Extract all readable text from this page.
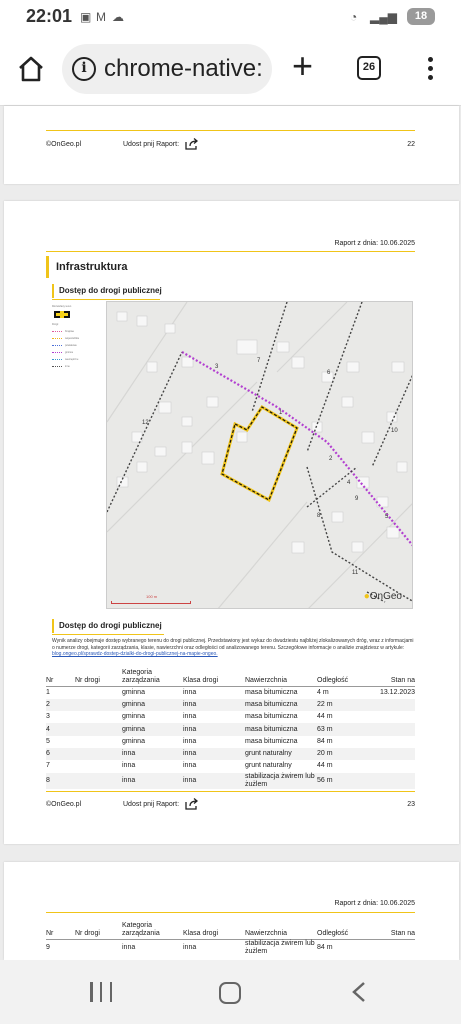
22:01 ▣ M ☁	◔ ▂▄▆	18
i chrome-native: +	26
©OnGeo.pl	Udost pnij Raport:	22
Raport z dnia: 10.06.2025
Infrastruktura
Dostęp do drogi publicznej
Rozważany teren
Drogi:
Krajowe
wojewódzkie
powiatowe
gminne
wewnętrzne
inne
1
2
3
4
5
6
7
8
9
10
11
12
100 m	●OnGeo
Dostęp do drogi publicznej
Wynik analizy obejmuje dostęp wybranego terenu do drogi publicznej. Przedstawiony jest wykaz do dwudziestu najbliżej zlokalizowanych dróg, wraz z informacjami o numerze drogi, kategorii zarządzania, klasie, nawierzchni oraz odległości od analizowanego terenu. Szczegółowe informacje o analizie znajdziesz w artykule: blog.ongeo.pl/sprawdz-dostep-dzialki-do-drogi-publicznej-na-mapie-ongeo.
Nr	Nr drogi	Kategoria zarządzania	Klasa drogi	Nawierzchnia	Odległość	Stan na
1		gminna	inna	masa bitumiczna	4 m	13.12.2023
2		gminna	inna	masa bitumiczna	22 m	
3		gminna	inna	masa bitumiczna	44 m	
4		gminna	inna	masa bitumiczna	63 m	
5		gminna	inna	masa bitumiczna	84 m	
6		inna	inna	grunt naturalny	20 m	
7		inna	inna	grunt naturalny	44 m	
8		inna	inna	stabilizacja żwirem lub żużlem	56 m	
©OnGeo.pl	Udost pnij Raport:	23
Raport z dnia: 10.06.2025
Nr	Nr drogi	Kategoria zarządzania	Klasa drogi	Nawierzchnia	Odległość	Stan na
9		inna	inna	stabilizacja żwirem lub żużlem	84 m	
